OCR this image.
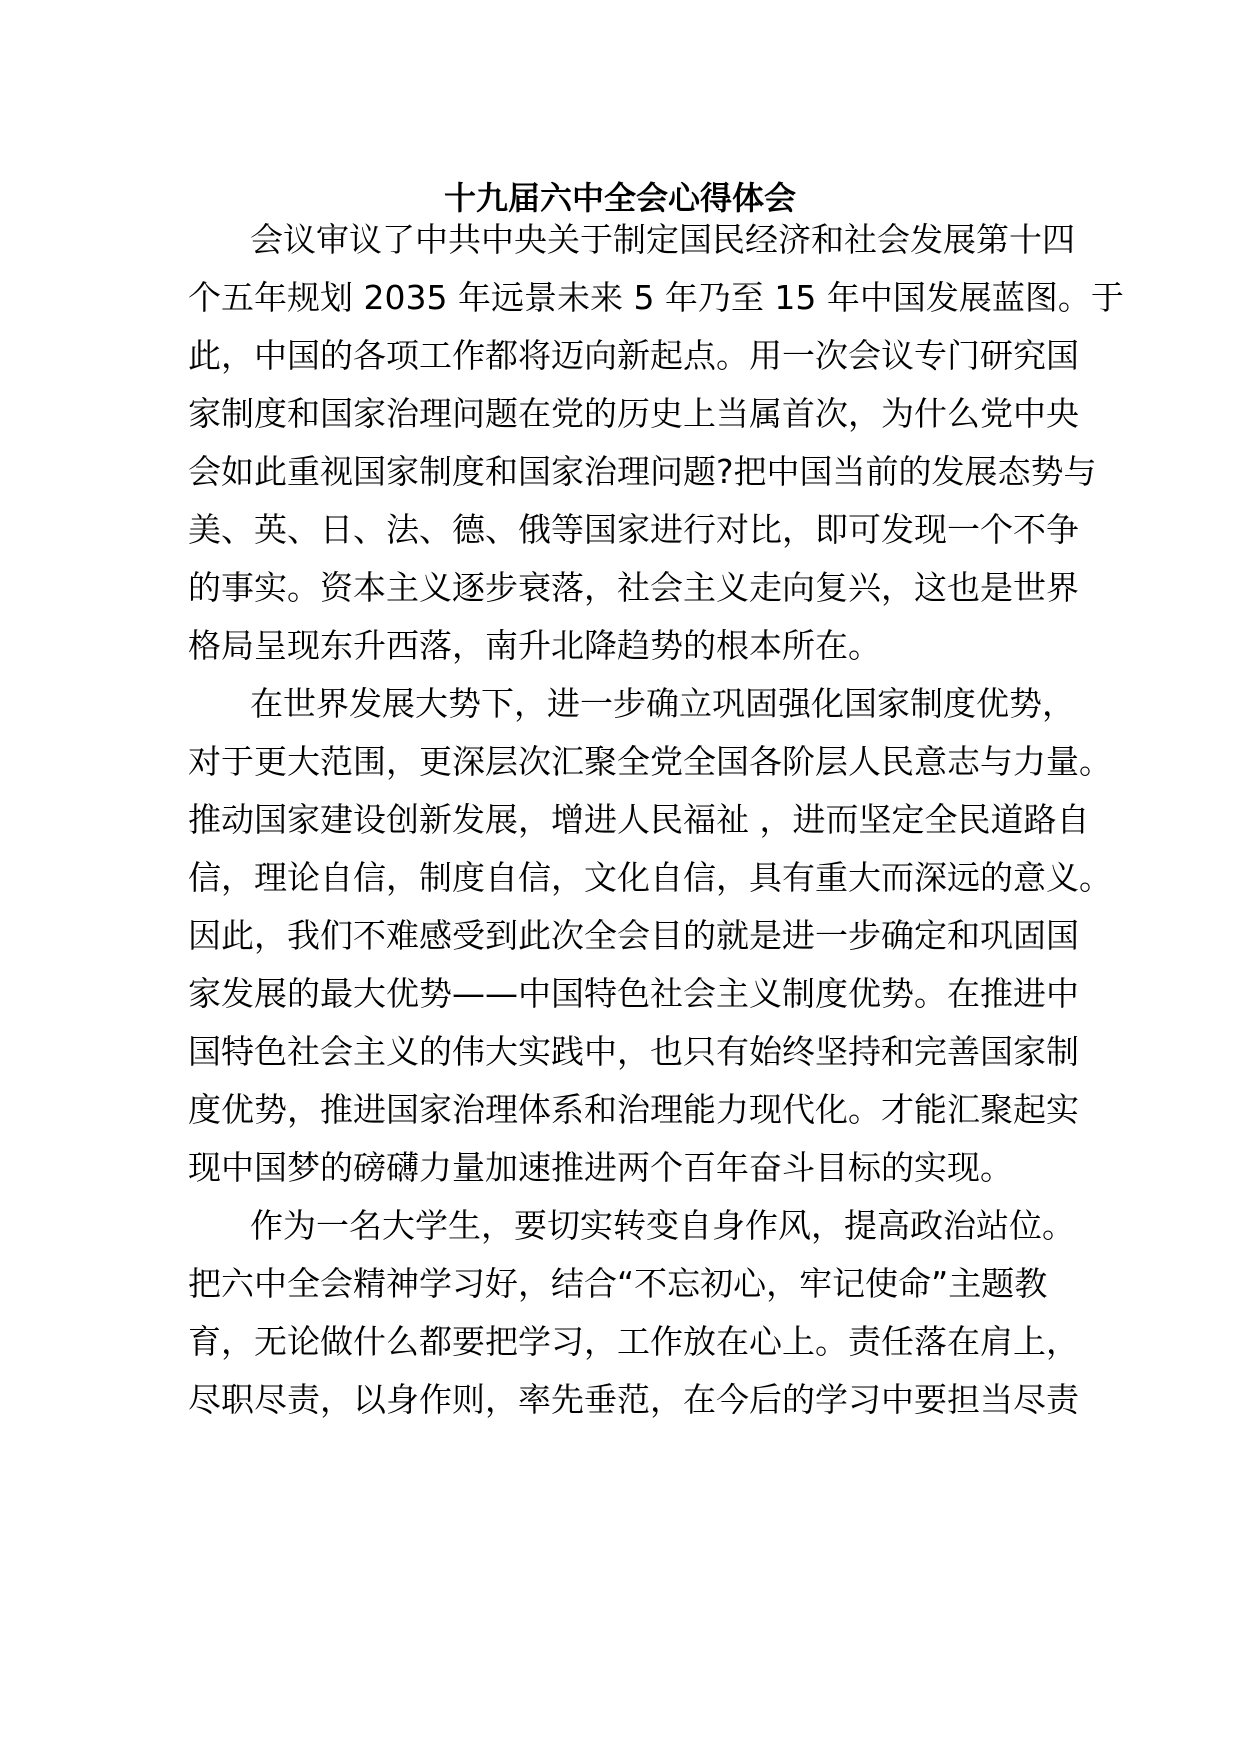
十九届六中全会心得体会
会议审议了中共中央关于制定国民经济和社会发展第十四
个五年规划 2035 年远景未来 5 年乃至 15 年中国发展蓝图。于
此，中国的各项工作都将迈向新起点。用一次会议专门研究国
家制度和国家治理问题在党的历史上当属首次，为什么党中央
会如此重视国家制度和国家治理问题?把中国当前的发展态势与
美、英、日、法、德、俄等国家进行对比，即可发现一个不争
的事实。资本主义逐步衰落，社会主义走向复兴，这也是世界
格局呈现东升西落，南升北降趋势的根本所在。
在世界发展大势下，进一步确立巩固强化国家制度优势，
对于更大范围，更深层次汇聚全党全国各阶层人民意志与力量。
推动国家建设创新发展，增进人民福祉 ，进而坚定全民道路自
信，理论自信，制度自信，文化自信，具有重大而深远的意义。
因此，我们不难感受到此次全会目的就是进一步确定和巩固国
家发展的最大优势——中国特色社会主义制度优势。在推进中
国特色社会主义的伟大实践中，也只有始终坚持和完善国家制
度优势，推进国家治理体系和治理能力现代化。才能汇聚起实
现中国梦的磅礴力量加速推进两个百年奋斗目标的实现。
作为一名大学生，要切实转变自身作风，提高政治站位。
把六中全会精神学习好，结合“不忘初心，牢记使命”主题教
育，无论做什么都要把学习，工作放在心上。责任落在肩上，
尽职尽责，以身作则，率先垂范，在今后的学习中要担当尽责
